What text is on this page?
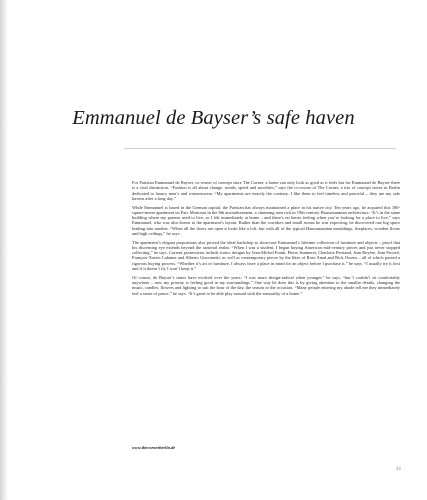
Emmanuel de Bayser’s safe haven

For Parisian Emmanuel de Bayser, co-owner of concept store The Corner, a home can only look as good as it feels but for Emmanuel de Bayser there is a vital distinction. “Fashion is all about change, trends, speed and novelties,” says the co-owner of The Corner, a trio of concept stores in Berlin dedicated to luxury men’s and womenswear. “My apartments are exactly the contrary. I like them to feel timeless and peaceful – they are my safe havens after a long day.”

While Emmanuel is based in the German capital, the Parisian has always maintained a place in his native city. Ten years ago, he acquired this 180-square-meter apartment on Parc Monceau in the 8th arrondissement, a charming area rich in 19th-century Haussmannian architecture. “It’s in the same building where my parents used to live, so I felt immediately at home – and there’s no better feeling when you’re looking for a place to live,” says Emmanuel, who was also drawn to the apartment’s layout. Rather than the corridors and small rooms he was expecting, he discovered one big space leading into another. “When all the doors are open it looks like a loft, but with all of the typical Haussmannian mouldings, fireplaces, wooden floors and high ceilings,” he says.

The apartment’s elegant proportions also proved the ideal backdrop to showcase Emmanuel’s lifetime collection of furniture and objects – proof that his discerning eye extends beyond the sartorial realm. “When I was a student, I began buying American mid-century pieces and just never stopped collecting,” he says. Current possessions include iconic designs by Jean-Michel Frank, Pierre Jeanneret, Charlotte Perriand, Jean Royère, Jean Prouvé, François-Xavier Lalanne and Alberto Giacometti, as well as contemporary pieces by the likes of Rose Anad and Rick Owens – all of which passed a rigorous buying process. “Whether it’s art or furniture, I always have a place in mind for an object before I purchase it,” he says. “I usually try it first and if it doesn’t fit, I won’t keep it.”

Of course, de Bayser’s tastes have evolved over the years: “I was more design-radical when younger,” he says, “but I couldn’t sit comfortably anywhere – now my priority is feeling good in my surroundings.” One way he does this is by giving attention to the smaller details, changing the music, candles, flowers and lighting to suit the hour of the day, the season or the occasion. “Many people entering my abode tell me they immediately feel a sense of peace,” he says. “It’s great to be able play around with the sensuality of a home.”

www.thecornerberlin.de
43
